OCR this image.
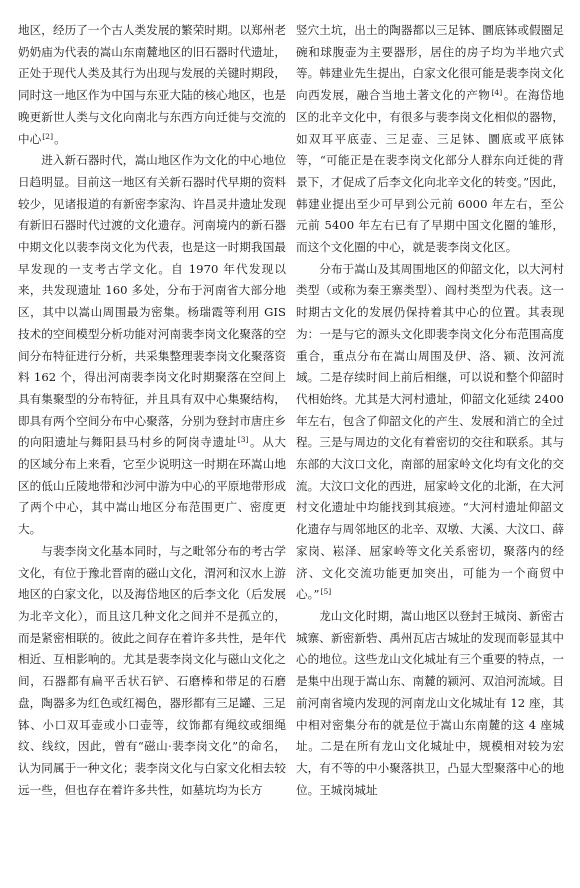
地区，经历了一个古人类发展的繁荣时期。以郑州老奶奶庙为代表的嵩山东南麓地区的旧石器时代遗址，正处于现代人类及其行为出现与发展的关键时期段，同时这一地区作为中国与东亚大陆的核心地区，也是晚更新世人类与文化向南北与东西方向迁徙与交流的中心[2]。

进入新石器时代，嵩山地区作为文化的中心地位日趋明显。目前这一地区有关新石器时代早期的资料较少，见诸报道的有新密李家沟、许昌灵井遗址发现有新旧石器时代过渡的文化遗存。河南境内的新石器中期文化以裴李岗文化为代表，也是这一时期我国最早发现的一支考古学文化。自 1970 年代发现以来，共发现遗址 160 多处，分布于河南省大部分地区，其中以嵩山周围最为密集。杨瑞霞等利用 GIS 技术的空间模型分析功能对河南裴李岗文化聚落的空间分布特征进行分析，共采集整理裴李岗文化聚落资料 162 个，得出河南裴李岗文化时期聚落在空间上具有集聚型的分布特征，并且具有双中心集聚结构，即具有两个空间分布中心聚落，分别为登封市唐庄乡的向阳遗址与舞阳县马村乡的阿岗寺遗址[3]。从大的区域分布上来看，它至少说明这一时期在环嵩山地区的低山丘陵地带和沙河中游为中心的平原地带形成了两个中心，其中嵩山地区分布范围更广、密度更大。

与裴李岗文化基本同时，与之毗邻分布的考古学文化，有位于豫北晋南的磁山文化，渭河和汉水上游地区的白家文化，以及海岱地区的后李文化（后发展为北辛文化），而且这几种文化之间并不是孤立的，而是紧密相联的。彼此之间存在着许多共性，是年代相近、互相影响的。尤其是裴李岗文化与磁山文化之间，石器都有扁平舌状石铲、石磨棒和带足的石磨盘，陶器多为红色或红褐色，器形都有三足罐、三足钵、小口双耳壶或小口壶等，纹饰都有绳纹或细绳纹、线纹，因此，曾有“磁山·裴李岗文化”的命名，认为同属于一种文化；裴李岗文化与白家文化相去较远一些，但也存在着许多共性，如墓坑均为长方

竖穴土坑，出土的陶器都以三足钵、圜底钵或假圈足碗和球腹壶为主要器形，居住的房子均为半地穴式等。韩建业先生提出，白家文化很可能是裴李岗文化向西发展，融合当地土著文化的产物[4]。在海岱地区的北辛文化中，有很多与裴李岗文化相似的器物，如双耳平底壶、三足壶、三足钵、圜底或平底钵等，“可能正是在裴李岗文化部分人群东向迁徙的背景下，才促成了后李文化向北辛文化的转变。”因此，韩建业提出至少可早到公元前 6000 年左右，至公元前 5400 年左右已有了早期中国文化圈的雏形，而这个文化圈的中心，就是裴李岗文化区。

分布于嵩山及其周围地区的仰韶文化，以大河村类型（或称为秦王寨类型）、阎村类型为代表。这一时期古文化的发展仍保持着其中心的位置。其表现为：一是与它的源头文化即裴李岗文化分布范围高度重合，重点分布在嵩山周围及伊、洛、颍、汝河流域。二是存续时间上前后相继，可以说和整个仰韶时代相始终。尤其是大河村遗址，仰韶文化延续 2400 年左右，包含了仰韶文化的产生、发展和消亡的全过程。三是与周边的文化有着密切的交往和联系。其与东部的大汶口文化，南部的屈家岭文化均有文化的交流。大汶口文化的西进，屈家岭文化的北渐，在大河村文化遗址中均能找到其痕迹。“大河村遗址仰韶文化遗存与周邻地区的北辛、双墩、大溪、大汶口、薛家岗、崧泽、屈家岭等文化关系密切，聚落内的经济、文化交流功能更加突出，可能为一个商贸中心。”[5]

龙山文化时期，嵩山地区以登封王城岗、新密古城寨、新密新砦、禹州瓦店古城址的发现而彰显其中心的地位。这些龙山文化城址有三个重要的特点，一是集中出现于嵩山东、南麓的颍河、双洎河流域。目前河南省境内发现的河南龙山文化城址有 12 座，其中相对密集分布的就是位于嵩山东南麓的这 4 座城址。二是在所有龙山文化城址中，规模相对较为宏大，有不等的中小聚落拱卫，凸显大型聚落中心的地位。王城岗城址
